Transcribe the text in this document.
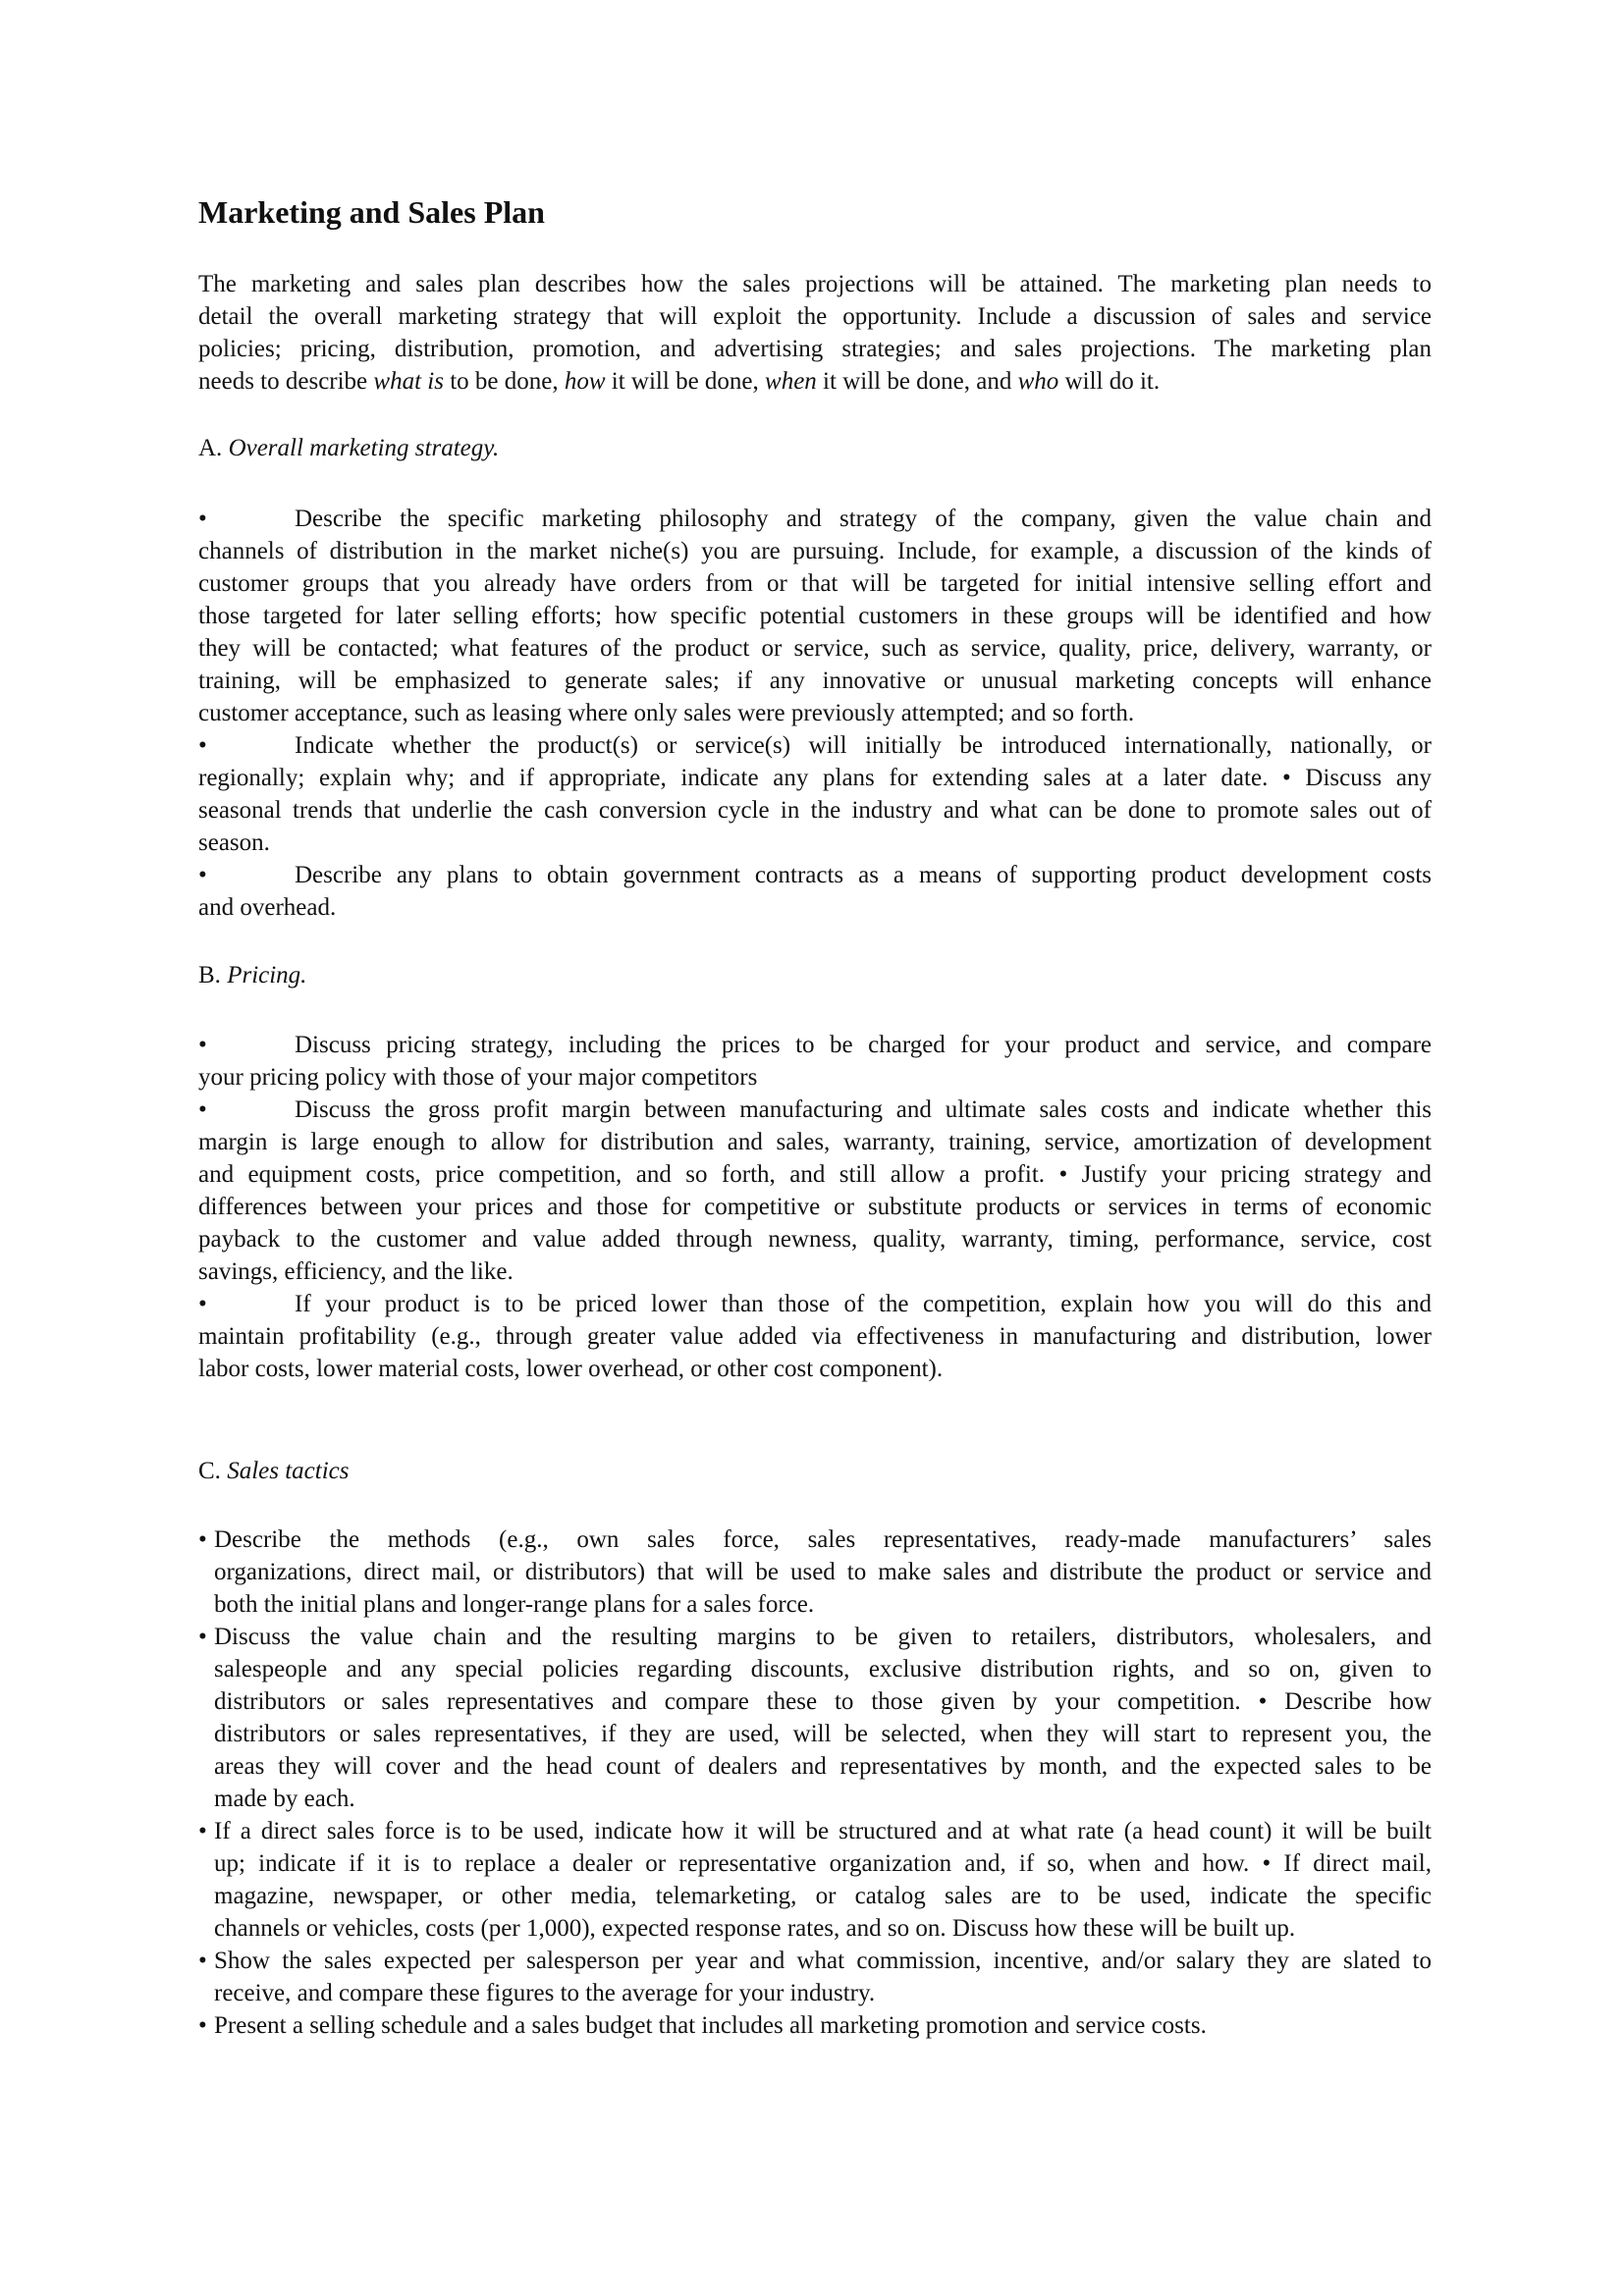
Marketing and Sales Plan
The marketing and sales plan describes how the sales projections will be attained. The marketing plan needs to
detail the overall marketing strategy that will exploit the opportunity. Include a discussion of sales and service
policies; pricing, distribution, promotion, and advertising strategies; and sales projections. The marketing plan
needs to describe what is to be done, how it will be done, when it will be done, and who will do it.
A. Overall marketing strategy.
•	Describe the specific marketing philosophy and strategy of the company, given the value chain and
channels of distribution in the market niche(s) you are pursuing. Include, for example, a discussion of the kinds of
customer groups that you already have orders from or that will be targeted for initial intensive selling effort and
those targeted for later selling efforts; how specific potential customers in these groups will be identified and how
they will be contacted; what features of the product or service, such as service, quality, price, delivery, warranty, or
training, will be emphasized to generate sales; if any innovative or unusual marketing concepts will enhance
customer acceptance, such as leasing where only sales were previously attempted; and so forth.
•	Indicate whether the product(s) or service(s) will initially be introduced internationally, nationally, or
regionally; explain why; and if appropriate, indicate any plans for extending sales at a later date. • Discuss any
seasonal trends that underlie the cash conversion cycle in the industry and what can be done to promote sales out of
season.
•	Describe any plans to obtain government contracts as a means of supporting product development costs
and overhead.
B. Pricing.
•	Discuss pricing strategy, including the prices to be charged for your product and service, and compare
your pricing policy with those of your major competitors
•	Discuss the gross profit margin between manufacturing and ultimate sales costs and indicate whether this
margin is large enough to allow for distribution and sales, warranty, training, service, amortization of development
and equipment costs, price competition, and so forth, and still allow a profit. • Justify your pricing strategy and
differences between your prices and those for competitive or substitute products or services in terms of economic
payback to the customer and value added through newness, quality, warranty, timing, performance, service, cost
savings, efficiency, and the like.
•	If your product is to be priced lower than those of the competition, explain how you will do this and
maintain profitability (e.g., through greater value added via effectiveness in manufacturing and distribution, lower
labor costs, lower material costs, lower overhead, or other cost component).
C. Sales tactics
• Describe the methods (e.g., own sales force, sales representatives, ready-made manufacturers’ sales
organizations, direct mail, or distributors) that will be used to make sales and distribute the product or service and
both the initial plans and longer-range plans for a sales force.
• Discuss the value chain and the resulting margins to be given to retailers, distributors, wholesalers, and
salespeople and any special policies regarding discounts, exclusive distribution rights, and so on, given to
distributors or sales representatives and compare these to those given by your competition. • Describe how
distributors or sales representatives, if they are used, will be selected, when they will start to represent you, the
areas they will cover and the head count of dealers and representatives by month, and the expected sales to be
made by each.
• If a direct sales force is to be used, indicate how it will be structured and at what rate (a head count) it will be built
up; indicate if it is to replace a dealer or representative organization and, if so, when and how. • If direct mail,
magazine, newspaper, or other media, telemarketing, or catalog sales are to be used, indicate the specific
channels or vehicles, costs (per 1,000), expected response rates, and so on. Discuss how these will be built up.
• Show the sales expected per salesperson per year and what commission, incentive, and/or salary they are slated to
receive, and compare these figures to the average for your industry.
• Present a selling schedule and a sales budget that includes all marketing promotion and service costs.
